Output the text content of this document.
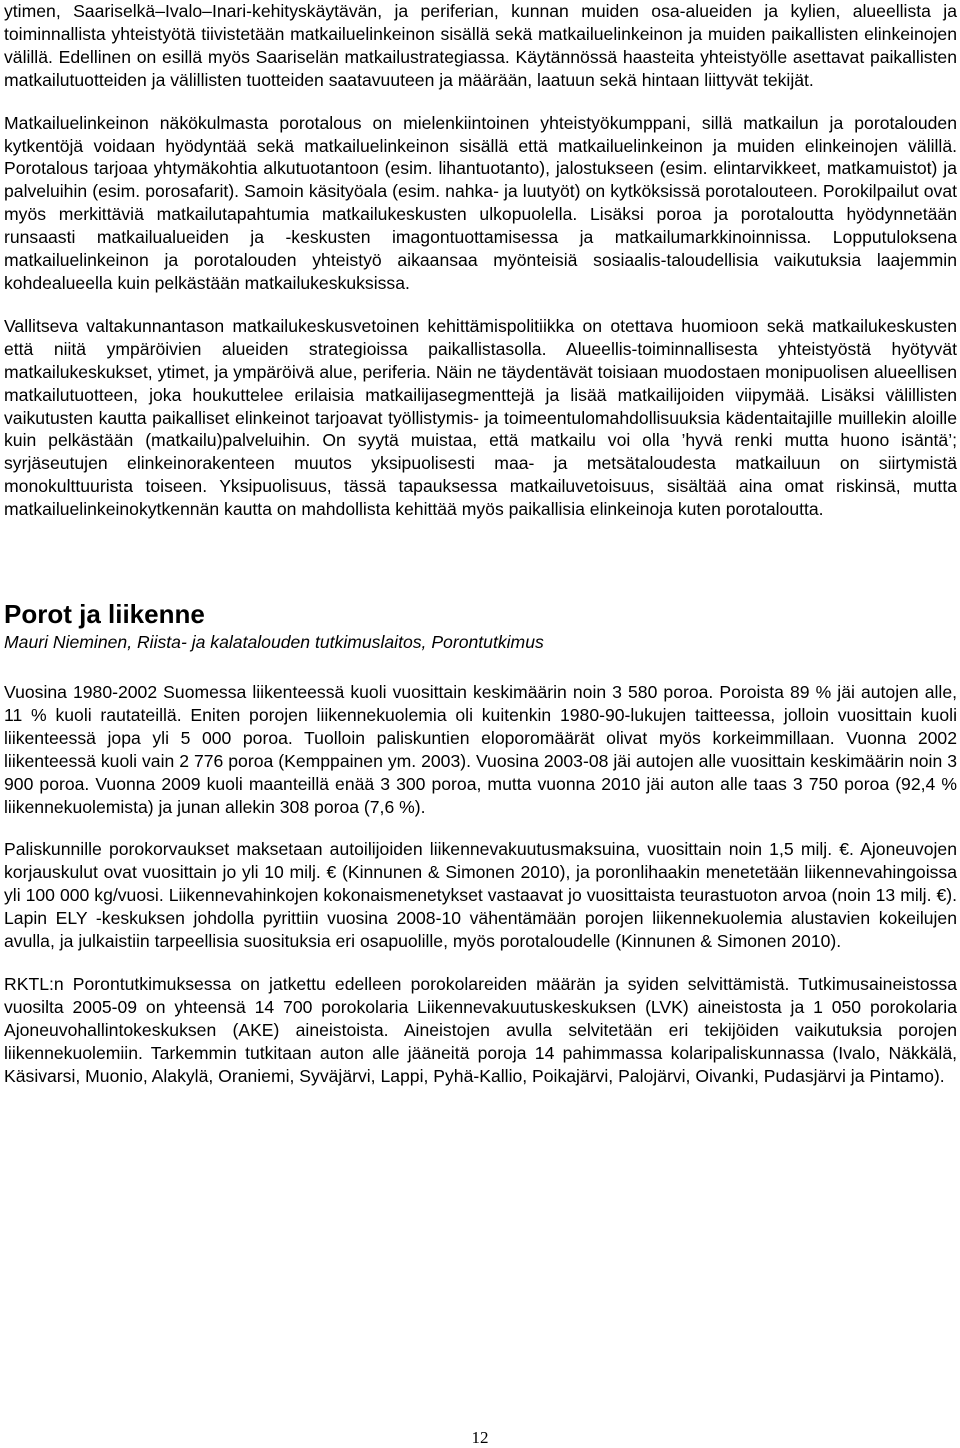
ytimen, Saariselkä–Ivalo–Inari-kehityskäytävän, ja periferian, kunnan muiden osa-alueiden ja kylien, alueellista ja toiminnallista yhteistyötä tiivistetään matkailuelinkeinon sisällä sekä matkailuelinkeinon ja muiden paikallisten elinkeinojen välillä. Edellinen on esillä myös Saariselän matkailustrategiassa. Käytännössä haasteita yhteistyölle asettavat paikallisten matkailutuotteiden ja välillisten tuotteiden saatavuuteen ja määrään, laatuun sekä hintaan liittyvät tekijät.

Matkailuelinkeinon näkökulmasta porotalous on mielenkiintoinen yhteistyökumppani, sillä matkailun ja porotalouden kytkentöjä voidaan hyödyntää sekä matkailuelinkeinon sisällä että matkailuelinkeinon ja muiden elinkeinojen välillä. Porotalous tarjoaa yhtymäkohtia alkutuotantoon (esim. lihantuotanto), jalostukseen (esim. elintarvikkeet, matkamuistot) ja palveluihin (esim. porosafarit). Samoin käsityöala (esim. nahka- ja luutyöt) on kytköksissä porotalouteen. Porokilpailut ovat myös merkittäviä matkailutapahtumia matkailukeskusten ulkopuolella. Lisäksi poroa ja porotaloutta hyödynnetään runsaasti matkailualueiden ja -keskusten imagontuottamisessa ja matkailumarkkinoinnissa. Lopputuloksena matkailuelinkeinon ja porotalouden yhteistyö aikaansaa myönteisiä sosiaalis-taloudellisia vaikutuksia laajemmin kohdealueella kuin pelkästään matkailukeskuksissa.

Vallitseva valtakunnantason matkailukeskusvetoinen kehittämispolitiikka on otettava huomioon sekä matkailukeskusten että niitä ympäröivien alueiden strategioissa paikallistasolla. Alueellis-toiminnallisesta yhteistyöstä hyötyvät matkailukeskukset, ytimet, ja ympäröivä alue, periferia. Näin ne täydentävät toisiaan muodostaen monipuolisen alueellisen matkailutuotteen, joka houkuttelee erilaisia matkailijasegmenttejä ja lisää matkailijoiden viipymää. Lisäksi välillisten vaikutusten kautta paikalliset elinkeinot tarjoavat työllistymis- ja toimeentulomahdollisuuksia kädentaitajille muillekin aloille kuin pelkästään (matkailu)palveluihin. On syytä muistaa, että matkailu voi olla ’hyvä renki mutta huono isäntä’; syrjäseutujen elinkeinorakenteen muutos yksipuolisesti maa- ja metsätaloudesta matkailuun on siirtymistä monokulttuurista toiseen. Yksipuolisuus, tässä tapauksessa matkailuvetoisuus, sisältää aina omat riskinsä, mutta matkailuelinkeinokytkennän kautta on mahdollista kehittää myös paikallisia elinkeinoja kuten porotaloutta.

Porot ja liikenne

Mauri Nieminen, Riista- ja kalatalouden tutkimuslaitos, Porontutkimus

Vuosina 1980-2002 Suomessa liikenteessä kuoli vuosittain keskimäärin noin 3 580 poroa. Poroista 89 % jäi autojen alle, 11 % kuoli rautateillä. Eniten porojen liikennekuolemia oli kuitenkin 1980-90-lukujen taitteessa, jolloin vuosittain kuoli liikenteessä jopa yli 5 000 poroa. Tuolloin paliskuntien eloporomäärät olivat myös korkeimmillaan. Vuonna 2002 liikenteessä kuoli vain 2 776 poroa (Kemppainen ym. 2003). Vuosina 2003-08 jäi autojen alle vuosittain keskimäärin noin 3 900 poroa. Vuonna 2009 kuoli maanteillä enää 3 300 poroa, mutta vuonna 2010 jäi auton alle taas 3 750 poroa (92,4 % liikennekuolemista) ja junan allekin 308 poroa (7,6 %).

Paliskunnille porokorvaukset maksetaan autoilijoiden liikennevakuutusmaksuina, vuosittain noin 1,5 milj. €. Ajoneuvojen korjauskulut ovat vuosittain jo yli 10 milj. € (Kinnunen & Simonen 2010), ja poronlihaakin menetetään liikennevahingoissa yli 100 000 kg/vuosi. Liikennevahinkojen kokonaismenetykset vastaavat jo vuosittaista teurastuoton arvoa (noin 13 milj. €). Lapin ELY -keskuksen johdolla pyrittiin vuosina 2008-10 vähentämään porojen liikennekuolemia alustavien kokeilujen avulla, ja julkaistiin tarpeellisia suosituksia eri osapuolille, myös porotaloudelle (Kinnunen & Simonen 2010).

RKTL:n Porontutkimuksessa on jatkettu edelleen porokolareiden määrän ja syiden selvittämistä. Tutkimusaineistossa vuosilta 2005-09 on yhteensä 14 700 porokolaria Liikennevakuutuskeskuksen (LVK) aineistosta ja 1 050 porokolaria Ajoneuvohallintokeskuksen (AKE) aineistoista. Aineistojen avulla selvitetään eri tekijöiden vaikutuksia porojen liikennekuolemiin. Tarkemmin tutkitaan auton alle jääneitä poroja 14 pahimmassa kolaripaliskunnassa (Ivalo, Näkkälä, Käsivarsi, Muonio, Alakylä, Oraniemi, Syväjärvi, Lappi, Pyhä-Kallio, Poikajärvi, Palojärvi, Oivanki, Pudasjärvi ja Pintamo).

12
